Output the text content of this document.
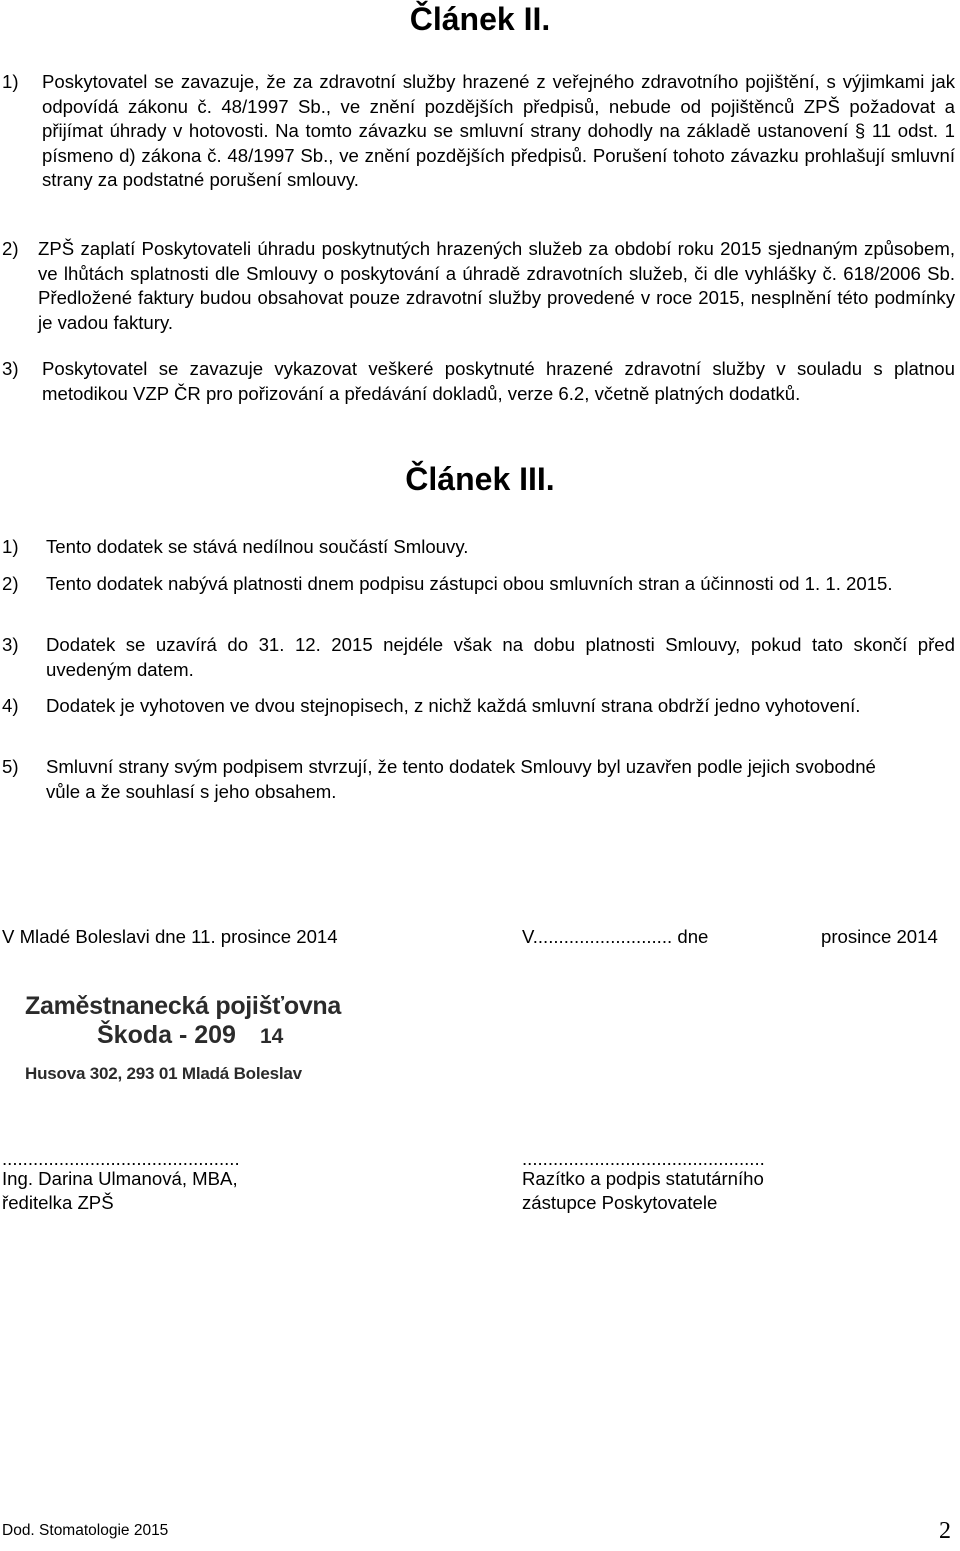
Článek II.
1)	Poskytovatel se zavazuje, že za zdravotní služby hrazené z veřejného zdravotního pojištění, s výjimkami jak odpovídá zákonu č. 48/1997 Sb., ve znění pozdějších předpisů, nebude od pojištěnců ZPŠ požadovat a přijímat úhrady v hotovosti. Na tomto závazku se smluvní strany dohodly na základě ustanovení § 11 odst. 1 písmeno d) zákona č. 48/1997 Sb., ve znění pozdějších předpisů. Porušení tohoto závazku prohlašují smluvní strany za podstatné porušení smlouvy.
2)	ZPŠ zaplatí Poskytovateli úhradu poskytnutých hrazených služeb za období roku 2015 sjednaným způsobem, ve lhůtách splatnosti dle Smlouvy o poskytování a úhradě zdravotních služeb, či dle vyhlášky č. 618/2006 Sb. Předložené faktury budou obsahovat pouze zdravotní služby provedené v roce 2015, nesplnění této podmínky je vadou faktury.
3)	Poskytovatel se zavazuje vykazovat veškeré poskytnuté hrazené zdravotní služby v souladu s platnou metodikou VZP ČR pro pořizování a předávání dokladů, verze 6.2, včetně platných dodatků.
Článek III.
1)	Tento dodatek se stává nedílnou součástí Smlouvy.
2)	Tento dodatek nabývá platnosti dnem podpisu zástupci obou smluvních stran a účinnosti od 1. 1. 2015.
3)	Dodatek se uzavírá do 31. 12. 2015 nejdéle však na dobu platnosti Smlouvy, pokud tato skončí před uvedeným datem.
4)	Dodatek je vyhotoven ve dvou stejnopisech, z nichž každá smluvní strana obdrží jedno vyhotovení.
5)	Smluvní strany svým podpisem stvrzují, že tento dodatek Smlouvy byl uzavřen podle jejich svobodné vůle a že souhlasí s jeho obsahem.
V Mladé Boleslavi dne 11. prosince 2014	V........................... dne	prosince 2014
Zaměstnanecká pojišťovna
Škoda - 209 14
Husova 302, 293 01 Mladá Boleslav
..............................................
Ing. Darina Ulmanová, MBA,
ředitelka ZPŠ
...............................................
Razítko a podpis statutárního
zástupce Poskytovatele
Dod. Stomatologie 2015	2
